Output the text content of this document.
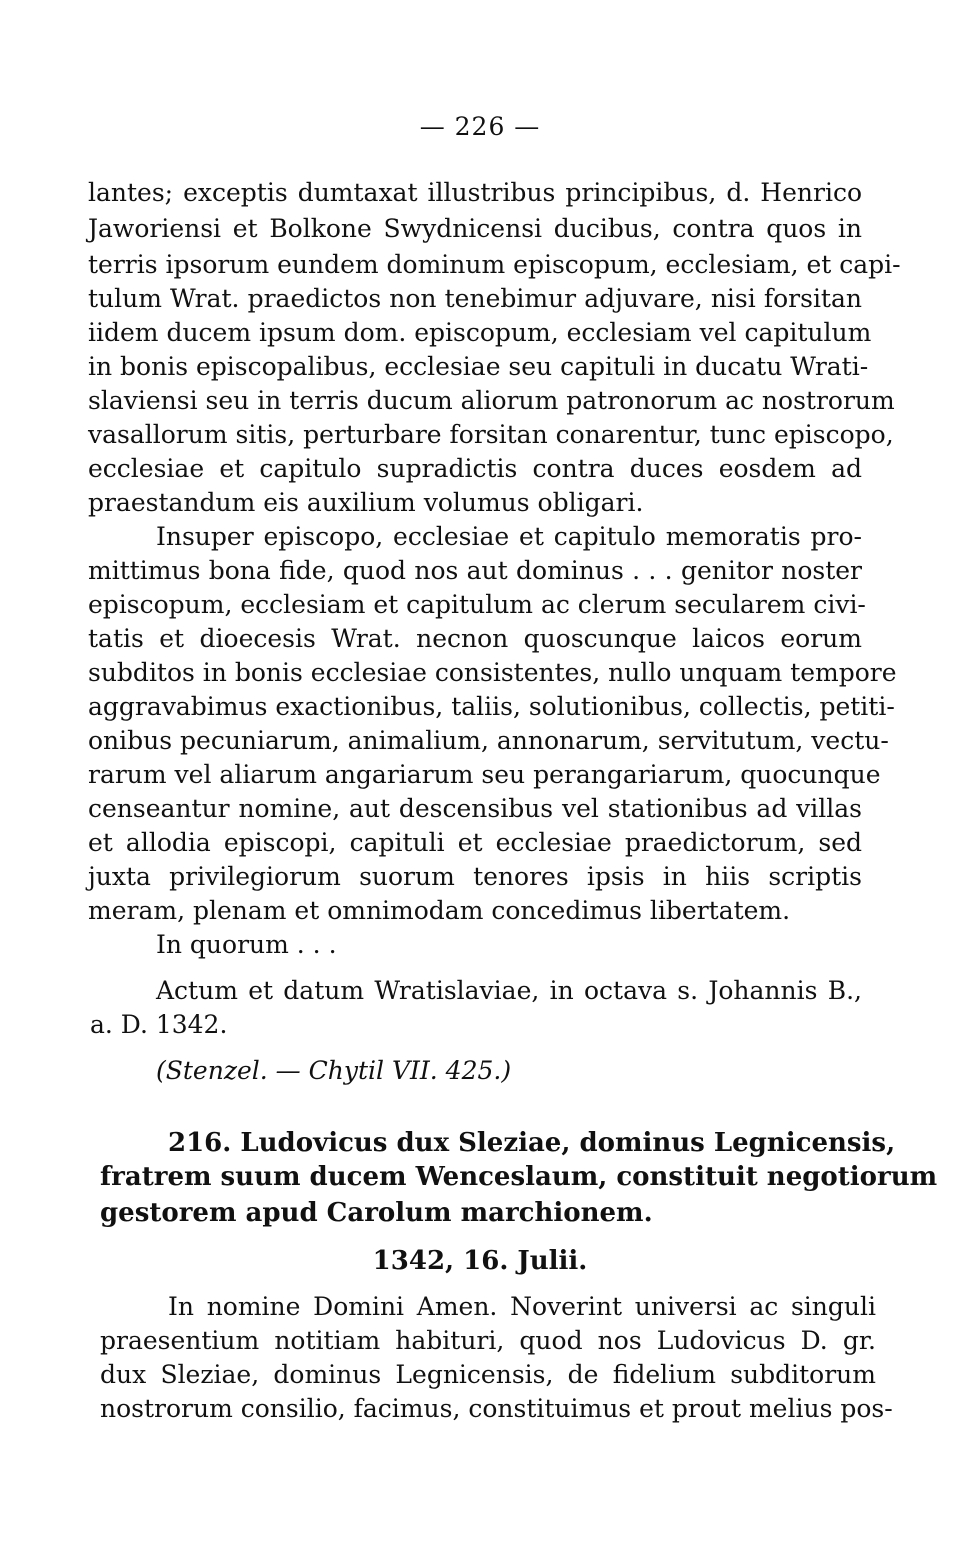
— 226 —
lantes; exceptis dumtaxat illustribus principibus, d. Henrico
Jaworiensi et Bolkone Swydnicensi ducibus, contra quos in
terris ipsorum eundem dominum episcopum, ecclesiam, et capi-
tulum Wrat. praedictos non tenebimur adjuvare, nisi forsitan
iidem ducem ipsum dom. episcopum, ecclesiam vel capitulum
in bonis episcopalibus, ecclesiae seu capituli in ducatu Wrati-
slaviensi seu in terris ducum aliorum patronorum ac nostrorum
vasallorum sitis, perturbare forsitan conarentur, tunc episcopo,
ecclesiae et capitulo supradictis contra duces eosdem ad
praestandum eis auxilium volumus obligari.
Insuper episcopo, ecclesiae et capitulo memoratis pro-
mittimus bona fide, quod nos aut dominus . . . genitor noster
episcopum, ecclesiam et capitulum ac clerum secularem civi-
tatis et dioecesis Wrat. necnon quoscunque laicos eorum
subditos in bonis ecclesiae consistentes, nullo unquam tempore
aggravabimus exactionibus, taliis, solutionibus, collectis, petiti-
onibus pecuniarum, animalium, annonarum, servitutum, vectu-
rarum vel aliarum angariarum seu perangariarum, quocunque
censeantur nomine, aut descensibus vel stationibus ad villas
et allodia episcopi, capituli et ecclesiae praedictorum, sed
juxta privilegiorum suorum tenores ipsis in hiis scriptis
meram, plenam et omnimodam concedimus libertatem.
In quorum . . .
Actum et datum Wratislaviae, in octava s. Johannis B.,
a. D. 1342.
(Stenzel. — Chytil VII. 425.)
216. Ludovicus dux Sleziae, dominus Legnicensis,
fratrem suum ducem Wenceslaum, constituit negotiorum
gestorem apud Carolum marchionem.
1342, 16. Julii.
In nomine Domini Amen. Noverint universi ac singuli
praesentium notitiam habituri, quod nos Ludovicus D. gr.
dux Sleziae, dominus Legnicensis, de fidelium subditorum
nostrorum consilio, facimus, constituimus et prout melius pos-
